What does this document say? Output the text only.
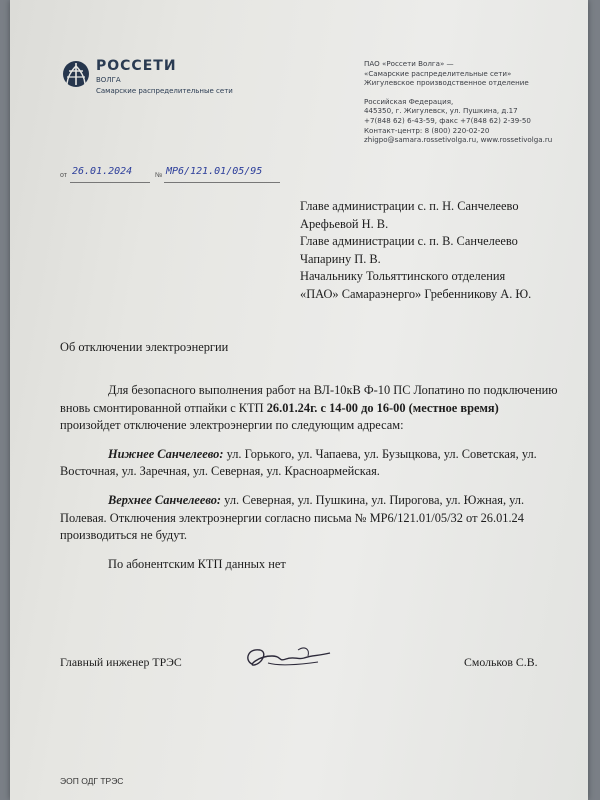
РОССЕТИ
ВОЛГА
Самарские распределительные сети
ПАО «Россети Волга» —
«Самарские распределительные сети»
Жигулевское производственное отделение
Российская Федерация,
445350, г. Жигулевск, ул. Пушкина, д.17
+7(848 62) 6-43-59, факс +7(848 62) 2-39-50
Контакт-центр: 8 (800) 220-02-20
zhigpo@samara.rossetivolga.ru, www.rossetivolga.ru
от 26.01.2024	№ МР6/121.01/05/95
Главе администрации с. п. Н. Санчелеево
Арефьевой Н. В.
Главе администрации с. п. В. Санчелеево
Чапарину П. В.
Начальнику Тольяттинского отделения
«ПАО» Самараэнерго» Гребенникову А. Ю.
Об отключении электроэнергии

Для безопасного выполнения работ на ВЛ-10кВ Ф-10 ПС Лопатино по подключению
вновь смонтированной отпайки с КТП 26.01.24г. с 14-00 до 16-00 (местное время)
произойдет отключение электроэнергии по следующим адресам:

Нижнее Санчелеево: ул. Горького, ул. Чапаева, ул. Бузыцкова, ул. Советская, ул.
Восточная, ул. Заречная, ул. Северная, ул. Красноармейская.

Верхнее Санчелеево: ул. Северная, ул. Пушкина, ул. Пирогова, ул. Южная, ул.
Полевая. Отключения электроэнергии согласно письма № МР6/121.01/05/32 от 26.01.24
производиться не будут.

По абонентским КТП данных нет

Главный инженер ТРЭС	Смольков С.В.
ЭОП ОДГ ТРЭС
